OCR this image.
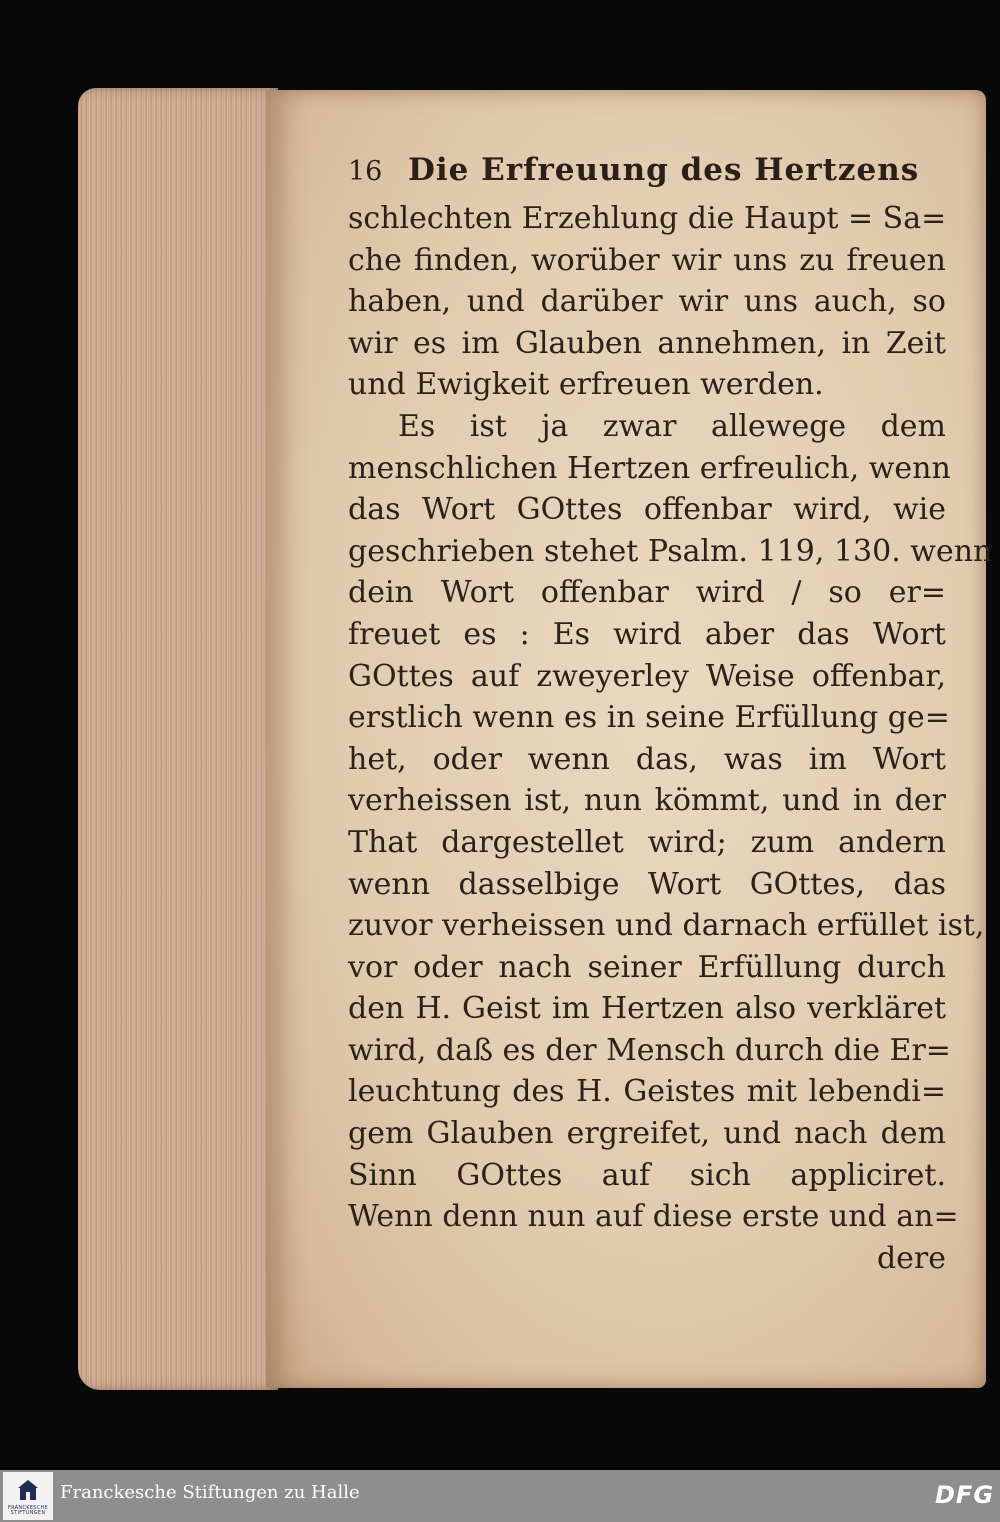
16 Die Erfreuung des Hertzens
schlechten Erzehlung die Haupt = Sa=
che finden, worüber wir uns zu freuen
haben, und darüber wir uns auch, so
wir es im Glauben annehmen, in Zeit
und Ewigkeit erfreuen werden.
Es ist ja zwar allewege dem
menschlichen Hertzen erfreulich, wenn
das Wort GOttes offenbar wird, wie
geschrieben stehet Psalm. 119, 130. wenn
dein Wort offenbar wird / so er=
freuet es : Es wird aber das Wort
GOttes auf zweyerley Weise offenbar,
erstlich wenn es in seine Erfüllung ge=
het, oder wenn das, was im Wort
verheissen ist, nun kömmt, und in der
That dargestellet wird; zum andern
wenn dasselbige Wort GOttes, das
zuvor verheissen und darnach erfüllet ist,
vor oder nach seiner Erfüllung durch
den H. Geist im Hertzen also verkläret
wird, daß es der Mensch durch die Er=
leuchtung des H. Geistes mit lebendi=
gem Glauben ergreifet, und nach dem
Sinn GOttes auf sich appliciret.
Wenn denn nun auf diese erste und an=
dere
FRANCKESCHE STIFTUNGEN
Franckesche Stiftungen zu Halle	DFG
